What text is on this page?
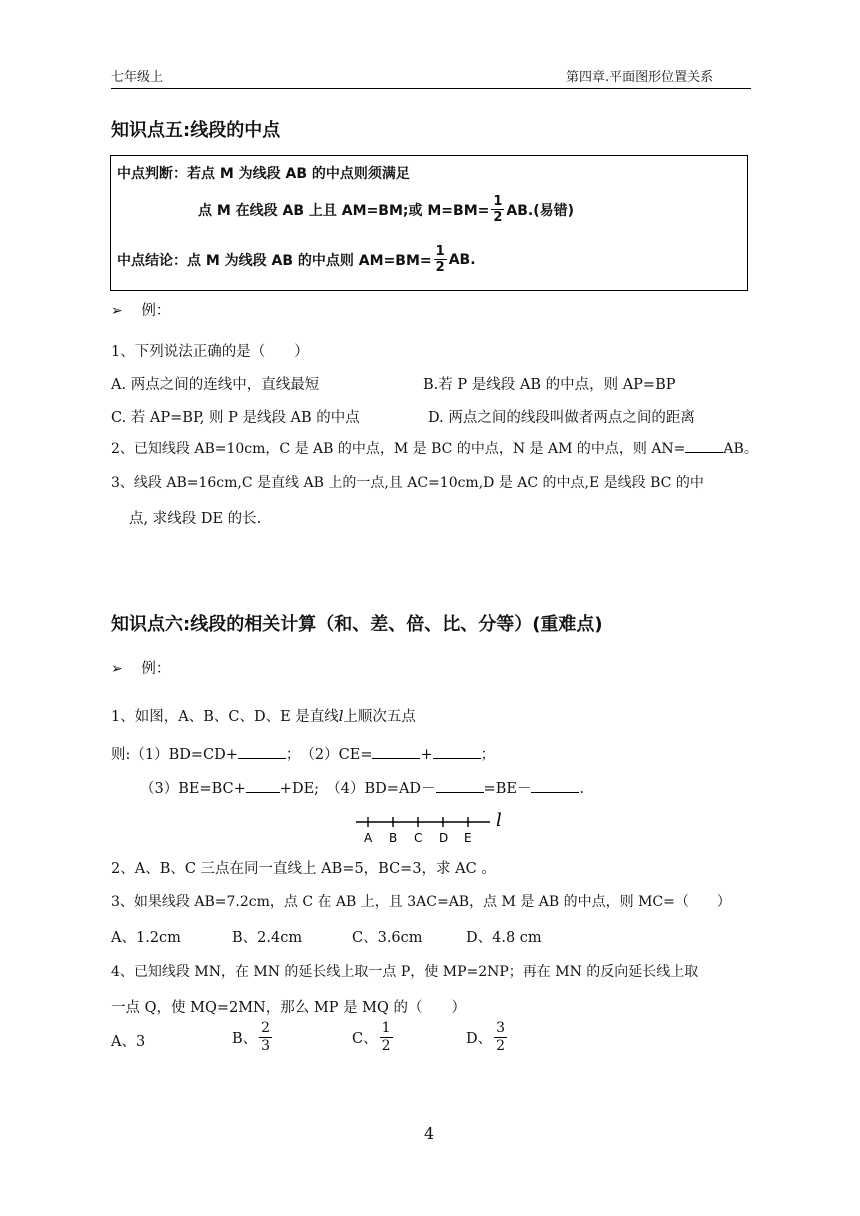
七年级上	第四章.平面图形位置关系
知识点五:线段的中点
中点判断：若点 M 为线段 AB 的中点则须满足
点 M 在线段 AB 上且 AM=BM;或 $M=BM= \frac{1}{2} AB$.(易错)
中点结论：点 M 为线段 AB 的中点则 $AM=BM= \frac{1}{2}$ AB.
➢ 例：
1、下列说法正确的是（　　）
A. 两点之间的连线中，直线最短	B.若 P 是线段 AB 的中点，则 AP=BP
C. 若 AP=BP, 则 P 是线段 AB 的中点	D. 两点之间的线段叫做者两点之间的距离
2、已知线段 AB=10cm，C 是 AB 的中点，M 是 BC 的中点，N 是 AM 的中点，则 AN=	AB。
3、线段 AB=16cm,C 是直线 AB 上的一点,且 AC=10cm,D 是 AC 的中点,E 是线段 BC 的中
点, 求线段 DE 的长.
知识点六:线段的相关计算（和、差、倍、比、分等）(重难点)
➢ 例：
1、如图，A、B、C、D、E 是直线l上顺次五点
则:（1）BD=CD+	；　（2）CE=	+	；
（3）BE=BC+ +DE;　（4）BD=AD－	=BE－	.
A B C D E
l
2、A、B、C 三点在同一直线上 AB=5，BC=3，求 AC 。
3、如果线段 AB=7.2cm，点 C 在 AB 上，且 3AC=AB，点 M 是 AB 的中点，则 MC=（　　）
A、1.2cm	B、2.4cm	C、3.6cm	D、4.8 cm
4、已知线段 MN，在 MN 的延长线上取一点 P，使 MP=2NP；再在 MN 的反向延长线上取
一点 Q，使 MQ=2MN，那么 MP 是 MQ 的（　　）
A、3	B、 $\frac{2}{3}$	C、 $\frac{1}{2}$	D、 $\frac{3}{2}$
4
